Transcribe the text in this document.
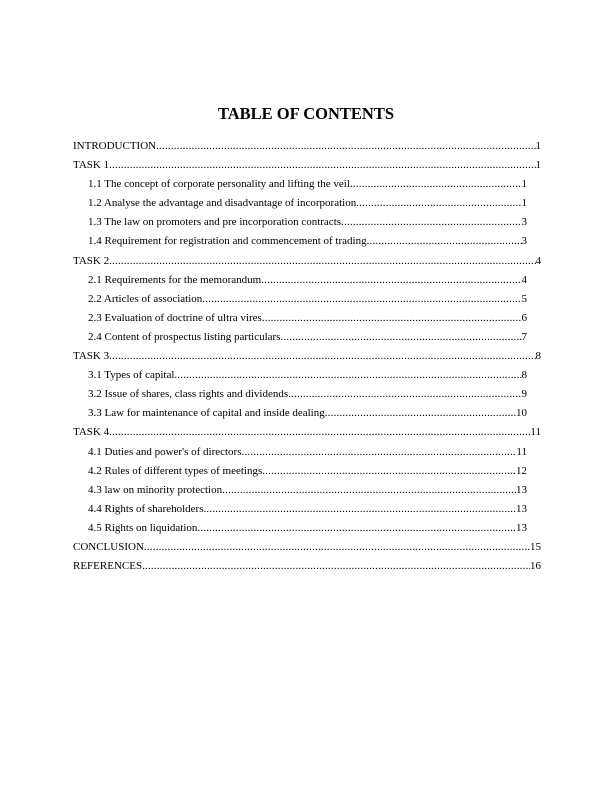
TABLE OF CONTENTS
INTRODUCTION .....	1
TASK 1 .....	1
1.1 The concept of corporate personality and lifting the veil .....	1
1.2 Analyse the advantage and disadvantage of incorporation .....	1
1.3 The law on promoters and pre incorporation contracts .....	3
1.4 Requirement for registration and commencement of trading .....	3
TASK 2 .....	4
2.1 Requirements for the memorandum .....	4
2.2 Articles of association .....	5
2.3 Evaluation of doctrine of ultra vires .....	6
2.4 Content of prospectus listing particulars .....	7
TASK 3 .....	8
3.1 Types of capital .....	8
3.2 Issue of shares, class rights and dividends .....	9
3.3 Law for maintenance of capital and inside dealing .....	10
TASK 4 .....	11
4.1 Duties and power's of directors .....	11
4.2 Rules of different types of meetings .....	12
4.3 law on minority protection .....	13
4.4 Rights of shareholders .....	13
4.5 Rights on liquidation .....	13
CONCLUSION .....	15
REFERENCES .....	16
